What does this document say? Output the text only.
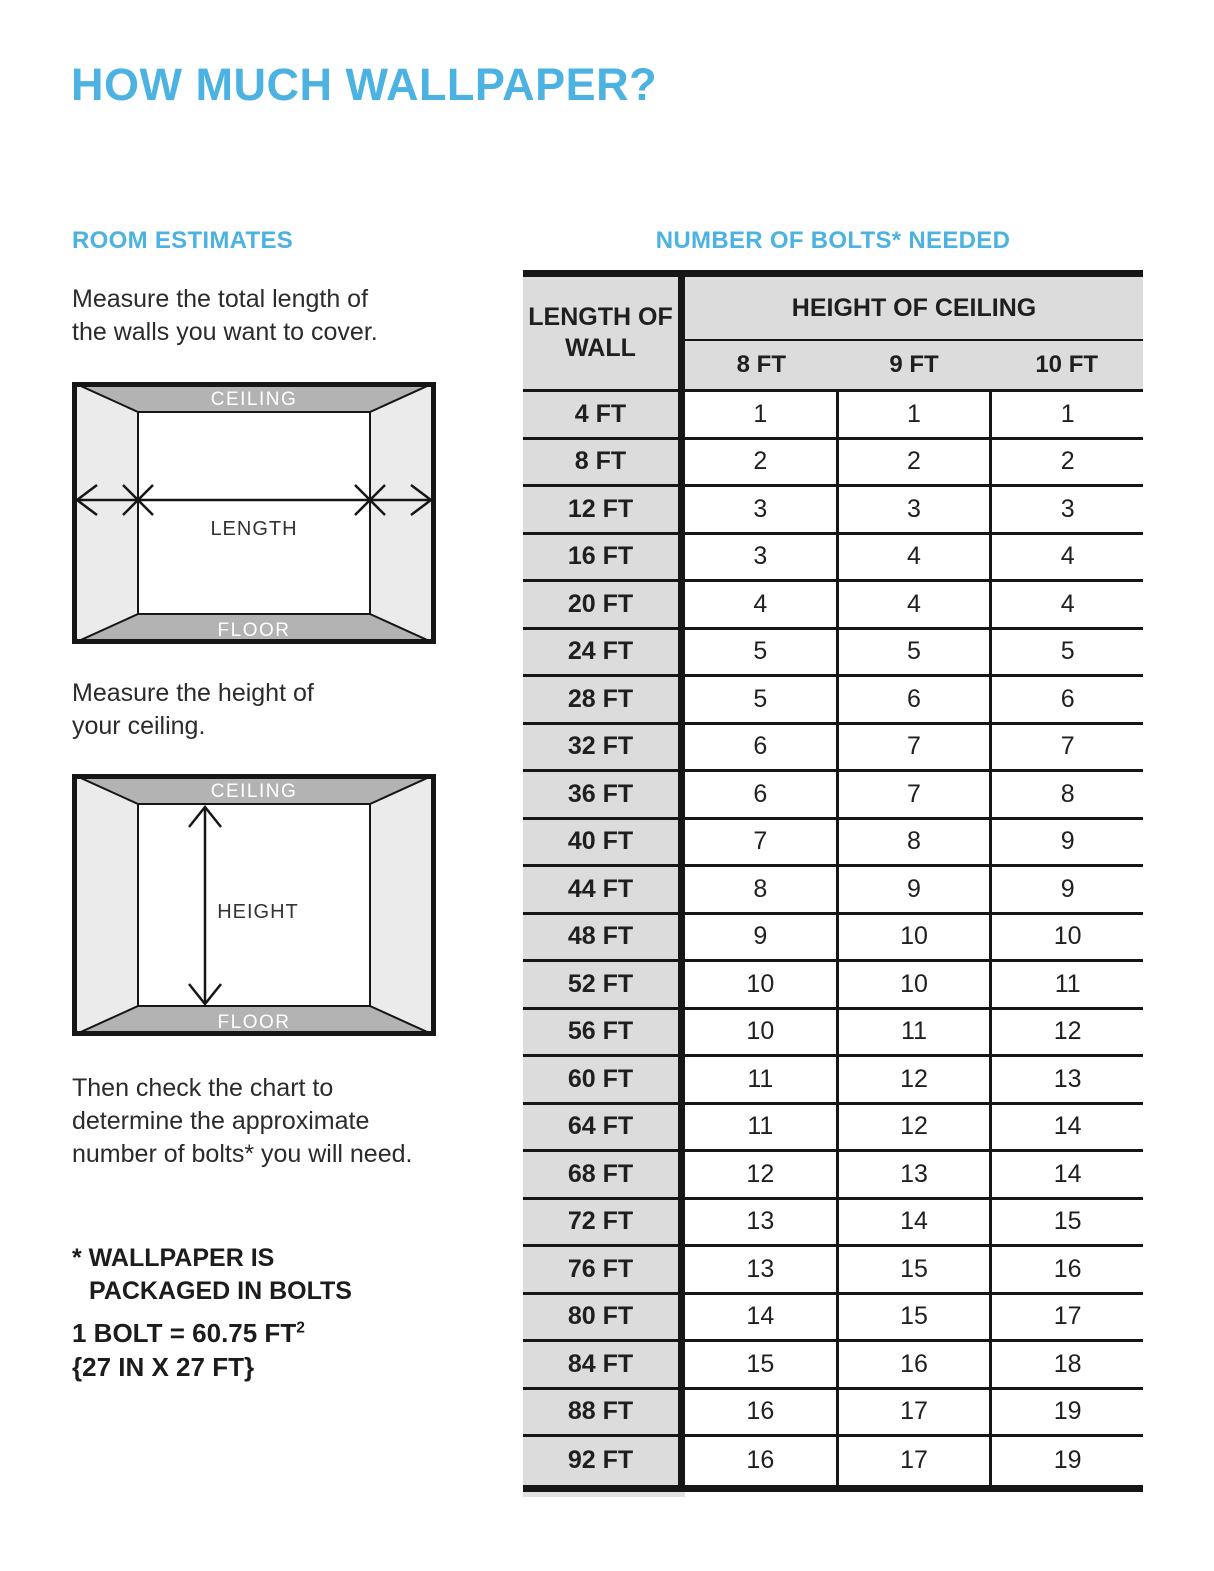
HOW MUCH WALLPAPER?
ROOM ESTIMATES	NUMBER OF BOLTS* NEEDED
Measure the total length of
the walls you want to cover.
CEILING
FLOOR
LENGTH
Measure the height of
your ceiling.
CEILING
FLOOR
HEIGHT
Then check the chart to
determine the approximate
number of bolts* you will need.
* WALLPAPER IS
PACKAGED IN BOLTS
1 BOLT = 60.75 $FT^2$
{27 IN X 27 FT}
LENGTH OF WALL
HEIGHT OF CEILING
8 FT	9 FT	10 FT
4 FT	1	1	1
8 FT	2	2	2
12 FT	3	3	3
16 FT	3	4	4
20 FT	4	4	4
24 FT	5	5	5
28 FT	5	6	6
32 FT	6	7	7
36 FT	6	7	8
40 FT	7	8	9
44 FT	8	9	9
48 FT	9	10	10
52 FT	10	10	11
56 FT	10	11	12
60 FT	11	12	13
64 FT	11	12	14
68 FT	12	13	14
72 FT	13	14	15
76 FT	13	15	16
80 FT	14	15	17
84 FT	15	16	18
88 FT	16	17	19
92 FT	16	17	19
